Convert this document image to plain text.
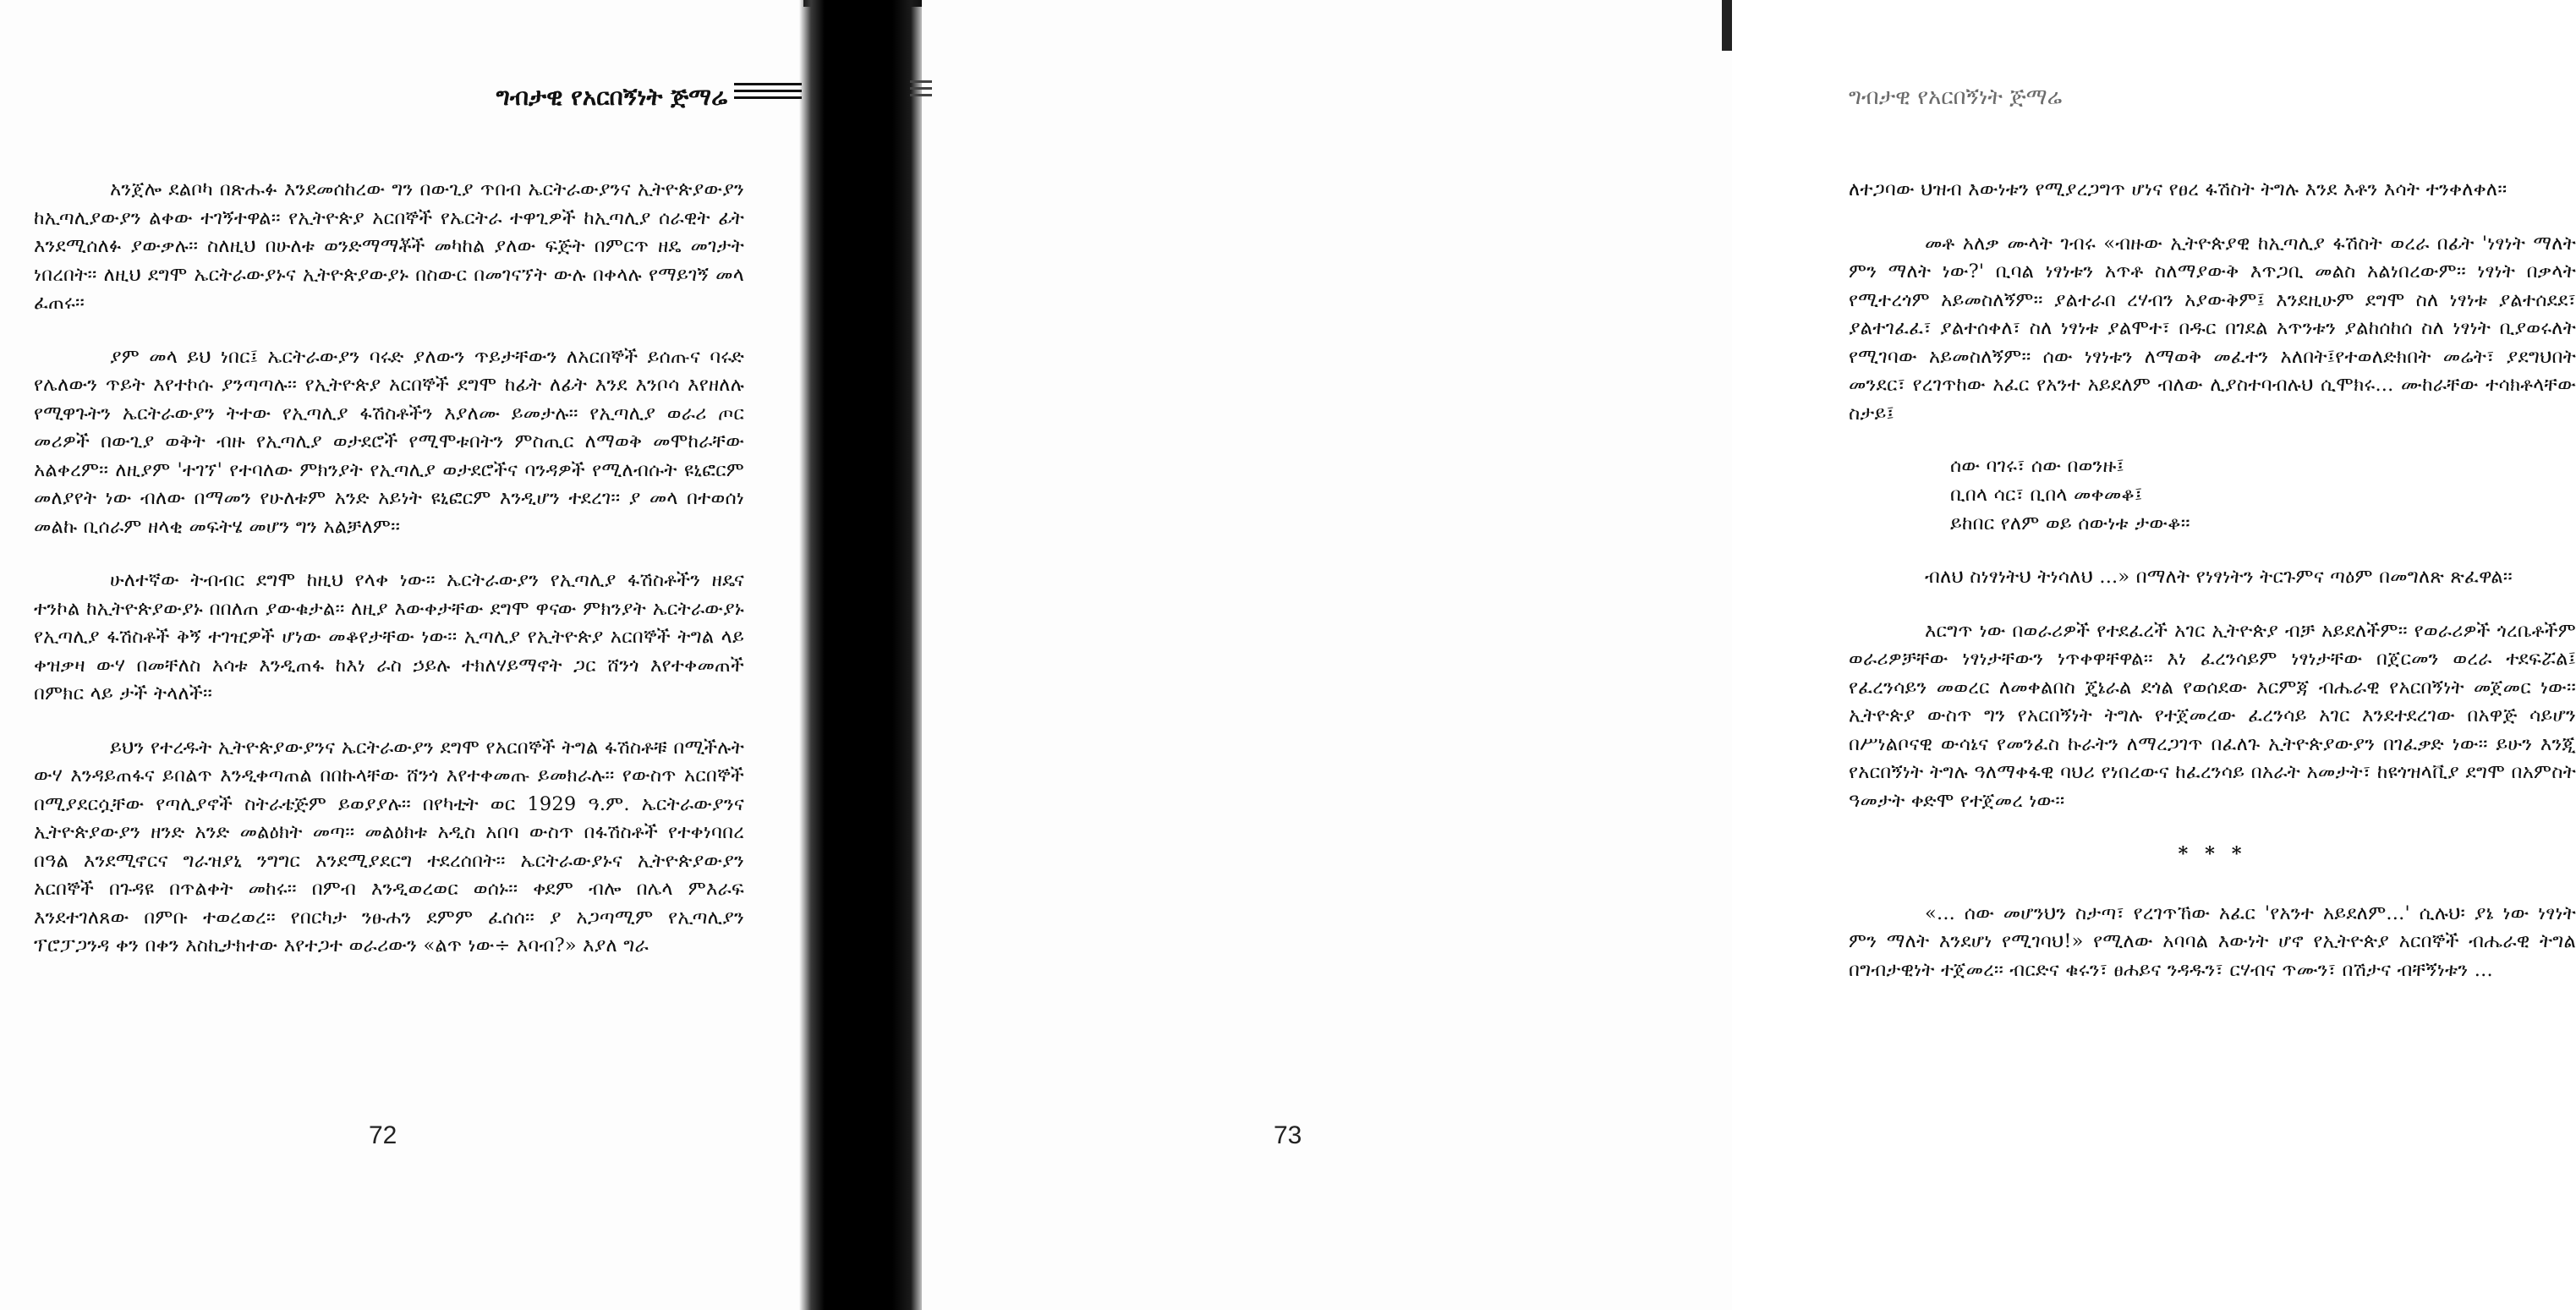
ግብታዊ የአርበኝነት ጅማሬ

አንጀሎ ደልቦካ በጽሑፉ እንደመሰከረው ግን በውጊያ ጥበብ ኤርትራውያንና ኢትዮጵያውያን ከኢጣሊያውያን ልቀው ተገኝተዋል፡፡ የኢትዮጵያ አርበኞች የኤርትራ ተዋጊዎች ከኢጣሊያ ሰራዊት ፊት እንደሚሰለፉ ያውቃሉ፡፡ ስለዚህ በሁለቱ ወንድማማቾች መካከል ያለው ፍጅት በምርጥ ዘዴ መገታት ነበረበት፡፡ ለዚህ ደግሞ ኤርትራውያኑና ኢትዮጵያውያኑ በስውር በመገናኘት ውሉ በቀላሉ የማይገኝ መላ ፈጠሩ፡፡

ያም መላ ይህ ነበር፤ ኤርትራውያን ባሩድ ያለውን ጥይታቸውን ለአርበኞች ይሰጡና ባሩድ የሌለውን ጥይት እየተኮሱ ያንጣጣሉ፡፡ የኢትዮጵያ አርበኞች ደግሞ ከፊት ለፊት እንደ እንቦሳ እየዘለሉ የሚዋጉትን ኤርትራውያን ትተው የኢጣሊያ ፋሽስቶችን እያለሙ ይመታሉ፡፡ የኢጣሊያ ወራሪ ጦር መሪዎች በውጊያ ወቅት ብዙ የኢጣሊያ ወታደሮች የሚሞቱበትን ምስጢር ለማወቅ መሞከራቸው አልቀረም፡፡ ለዚያም 'ተገኘ' የተባለው ምክንያት የኢጣሊያ ወታደሮችና ባንዳዎች የሚለብሱት ዩኒፎርም መለያየት ነው ብለው በማመን የሁለቱም አንድ አይነት ዩኒፎርም እንዲሆን ተደረገ፡፡ ያ መላ በተወሰነ መልኩ ቢሰራም ዘላቂ መፍትሄ መሆን ግን አልቻለም፡፡

ሁለተኛው ትብብር ደግሞ ከዚህ የላቀ ነው፡፡ ኤርትራውያን የኢጣሊያ ፋሽስቶችን ዘዴና ተንኮል ከኢትዮጵያውያኑ በበለጠ ያውቁታል፡፡ ለዚያ እውቀታቸው ደግሞ ዋናው ምክንያት ኤርትራውያኑ የኢጣሊያ ፋሽስቶች ቅኝ ተገዢዎች ሆነው መቆየታቸው ነው፡፡ ኢጣሊያ የኢትዮጵያ አርበኞች ትግል ላይ ቀዝቃዛ ውሃ በመቸለስ አሳቱ እንዲጠፋ ከእነ ራስ ኃይሉ ተክለሃይማኖት ጋር ሸንጎ እየተቀመጠች በምክር ላይ ታች ትላለች፡፡

ይህን የተረዱት ኢትዮጵያውያንና ኤርትራውያን ደግሞ የአርበኞች ትግል ፋሽስቶቹ በሚችሉት ውሃ እንዳይጠፋና ይበልጥ እንዲቀጣጠል በበኩላቸው ሸንጎ እየተቀመጡ ይመክራሉ፡፡ የውስጥ አርበኞች በሚያደርሷቸው የጣሊያኖች ስትራቴጅም ይወያያሉ፡፡ በየካቲት ወር 1929 ዓ.ም. ኤርትራውያንና ኢትዮጵያውያን ዘንድ አንድ መልዕክት መጣ፡፡ መልዕክቱ አዲስ አበባ ውስጥ በፋሽስቶች የተቀነባበረ በዓል እንደሚኖርና ግራዝያኒ ንግግር እንደሚያደርግ ተደረሰበት፡፡ ኤርትራውያኑና ኢትዮጵያውያን አርበኞች በጉዳዩ በጥልቀት መከሩ፡፡ በምብ እንዲወረወር ወሰኑ፡፡ ቀደም ብሎ በሌላ ምእራፍ እንደተገለጸው በምቡ ተወረወረ፡፡ የበርካታ ንፁሐን ደምም ፈሰሰ፡፡ ያ አጋጣሚም የኢጣሊያን ፕሮፓጋንዳ ቀን በቀን እስኪታክተው እየተጋተ ወራሪውን «ልጥ ነው÷ እባብ?» እያለ ግራ

72
ግብታዊ የአርበኝነት ጅማሬ

ለተጋባው ህዝብ እውነቱን የሚያረጋግጥ ሆነና የፀረ ፋሽስት ትግሉ እንደ እቶን እሳት ተንቀለቀለ፡፡

መቶ አለቃ ሙላት ገብሩ «ብዙው ኢትዮጵያዊ ከኢጣሊያ ፋሽስት ወረራ በፊት 'ነፃነት ማለት ምን ማለት ነው?' ቢባል ነፃነቱን አጥቶ ስለማያውቅ እጥጋቢ መልስ አልነበረውም፡፡ ነፃነት በቃላት የሚተረጎም አይመስለኝም፡፡ ያልተራበ ረሃብን አያውቅም፤ እንደዚሁም ደግሞ ስለ ነፃነቱ ያልተሰደደ፣ ያልተገፈፈ፣ ያልተሰቀለ፣ ስለ ነፃነቱ ያልሞተ፣ በዱር በገደል አጥንቱን ያልከሰከሰ ስለ ነፃነት ቢያወሩለት የሚገባው አይመስለኝም፡፡ ሰው ነፃነቱን ለማወቅ መፈተን አለበት፤የተወለድክበት መሬት፣ ያደግህበት መንደር፣ የረገጥከው አፈር የአንተ አይደለም ብለው ሊያስተባብሉህ ሲሞክሩ... ሙከራቸው ተሳክቶላቸው ስታይ፤

ሰው ባገሩ፣ ሰው በወንዙ፤
ቢበላ ሳር፣ ቢበላ መቀመቆ፤
ይከበር የለም ወይ ሰውነቱ ታውቆ፡፡

ብለህ ስነፃነትህ ትነሳለህ ...» በማለት የነፃነትን ትርጉምና ጣዕም በመግለጽ ጽፈዋል፡፡

እርግጥ ነው በወራሪዎች የተደፈረች አገር ኢትዮጵያ ብቻ አይደለችም፡፡ የወራሪዎች ጎረቤቶችም ወራሪዎቻቸው ነፃነታቸውን ነጥቀዋቸዋል፡፡ እነ ፈረንሳይም ነፃነታቸው በጀርመን ወረራ ተደፍሯል፤ የፈረንሳይን መወረር ለመቀልበስ ጄኔራል ደጎል የወሰደው እርምጃ ብሔራዊ የአርበኝነት መጀመር ነው፡፡ ኢትዮጵያ ውስጥ ግን የአርበኝነት ትግሉ የተጀመረው ፈረንሳይ አገር እንደተደረገው በአዋጅ ሳይሆን በሥነልቦናዊ ውሳኔና የመንፈስ ኩራትን ለማረጋገጥ በፈለጉ ኢትዮጵያውያን በገፈቃድ ነው፡፡ ይሁን እንጂ የአርበኝነት ትግሉ ዓለማቀፋዊ ባህሪ የነበረውና ከፈረንሳይ በአራት አመታት፣ ከዩጎዝላቪያ ደግሞ በአምስት ዓመታት ቀድሞ የተጀመረ ነው፡፡

* * *

«... ሰው መሆንህን ስታጣ፣ የረገጥኸው አፈር 'የአንተ አይደለም...' ሲሉህ፡ ያኔ ነው ነፃነት ምን ማለት እንደሆነ የሚገባህ!» የሚለው አባባል እውነት ሆኖ የኢትዮጵያ አርበኞች ብሔራዊ ትግል በግብታዊነት ተጀመረ፡፡ ብርድና ቁሩን፣ ፀሐይና ንዳዱን፣ ርሃብና ጥሙን፣ በሽታና ብቸኝነቱን ...

73
